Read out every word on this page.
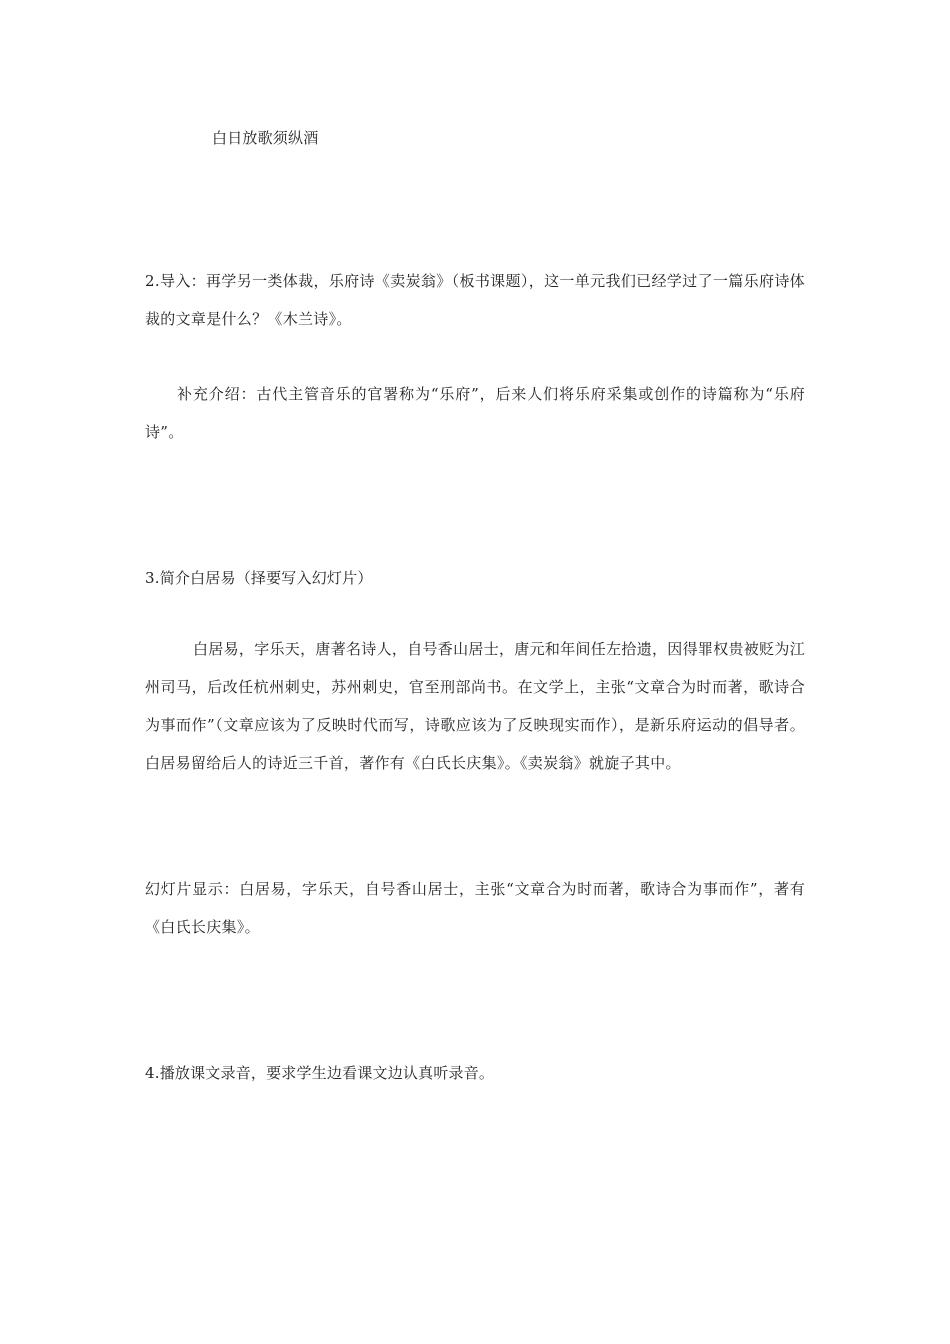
白日放歌须纵酒
2.导入：再学另一类体裁，乐府诗《卖炭翁》（板书课题），这一单元我们已经学过了一篇乐府诗体裁的文章是什么？《木兰诗》。
补充介绍：古代主管音乐的官署称为“乐府”，后来人们将乐府采集或创作的诗篇称为“乐府诗”。
3.简介白居易（择要写入幻灯片）
白居易，字乐天，唐著名诗人，自号香山居士，唐元和年间任左拾遗，因得罪权贵被贬为江州司马，后改任杭州刺史，苏州刺史，官至刑部尚书。在文学上，主张“文章合为时而著，歌诗合为事而作”（文章应该为了反映时代而写，诗歌应该为了反映现实而作），是新乐府运动的倡导者。白居易留给后人的诗近三千首，著作有《白氏长庆集》。《卖炭翁》就旋子其中。
幻灯片显示：白居易，字乐天，自号香山居士，主张“文章合为时而著，歌诗合为事而作”，著有《白氏长庆集》。
4.播放课文录音，要求学生边看课文边认真听录音。
